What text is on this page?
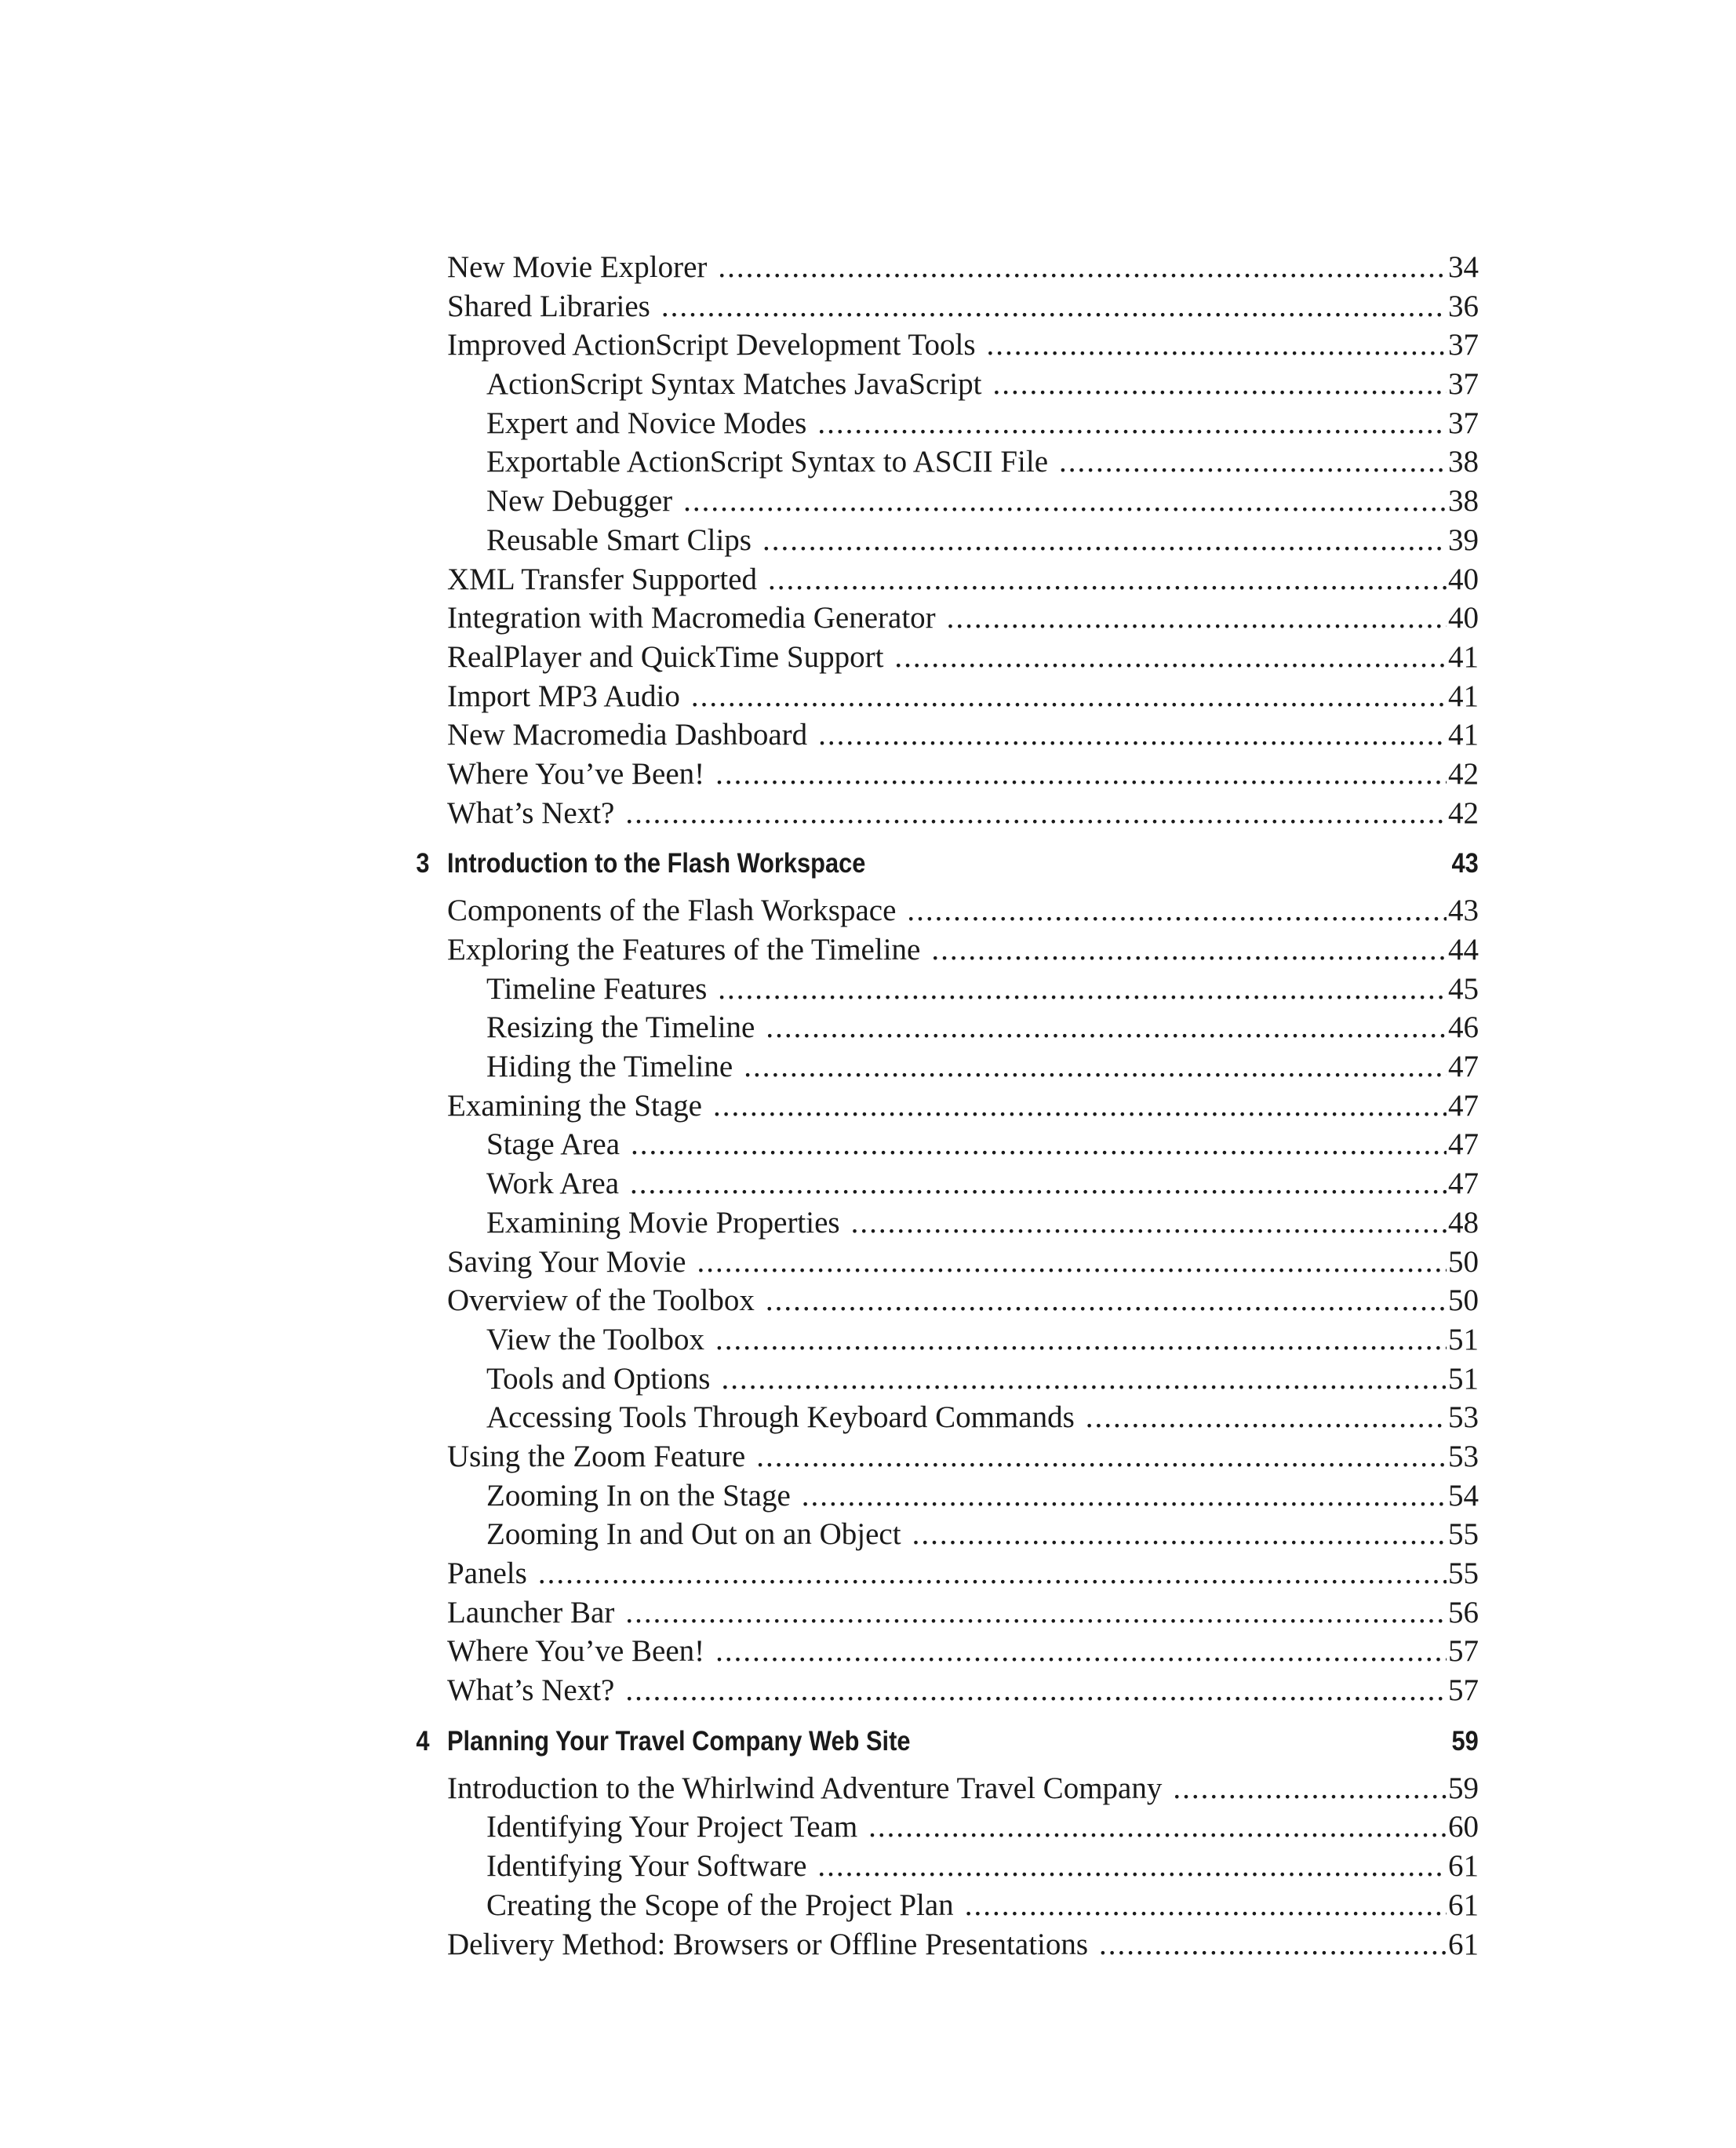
New Movie Explorer .....	34
Shared Libraries .....	36
Improved ActionScript Development Tools .....	37
ActionScript Syntax Matches JavaScript .....	37
Expert and Novice Modes .....	37
Exportable ActionScript Syntax to ASCII File .....	38
New Debugger .....	38
Reusable Smart Clips .....	39
XML Transfer Supported .....	40
Integration with Macromedia Generator .....	40
RealPlayer and QuickTime Support .....	41
Import MP3 Audio .....	41
New Macromedia Dashboard .....	41
Where You’ve Been! .....	42
What’s Next? .....	42
3 Introduction to the Flash Workspace	43
Components of the Flash Workspace .....	43
Exploring the Features of the Timeline .....	44
Timeline Features .....	45
Resizing the Timeline .....	46
Hiding the Timeline .....	47
Examining the Stage .....	47
Stage Area .....	47
Work Area .....	47
Examining Movie Properties .....	48
Saving Your Movie .....	50
Overview of the Toolbox .....	50
View the Toolbox .....	51
Tools and Options .....	51
Accessing Tools Through Keyboard Commands .....	53
Using the Zoom Feature .....	53
Zooming In on the Stage .....	54
Zooming In and Out on an Object .....	55
Panels .....	55
Launcher Bar .....	56
Where You’ve Been! .....	57
What’s Next? .....	57
4 Planning Your Travel Company Web Site	59
Introduction to the Whirlwind Adventure Travel Company .....	59
Identifying Your Project Team .....	60
Identifying Your Software .....	61
Creating the Scope of the Project Plan .....	61
Delivery Method: Browsers or Offline Presentations .....	61
